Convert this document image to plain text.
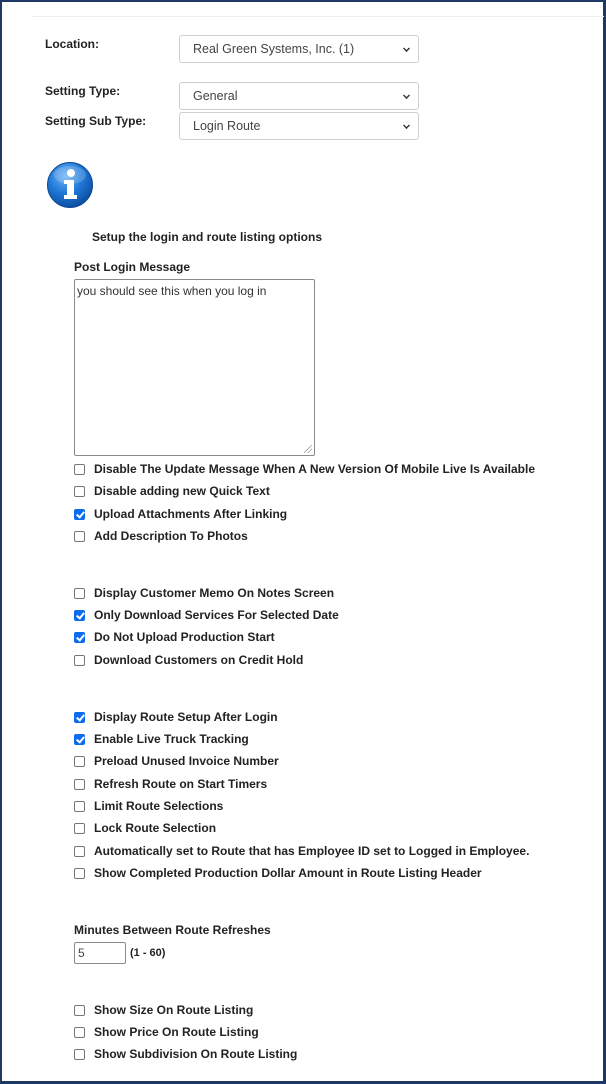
Location:	Real Green Systems, Inc. (1)
Setting Type:	General
Setting Sub Type:	Login Route
Setup the login and route listing options
Post Login Message
you should see this when you log in
Disable The Update Message When A New Version Of Mobile Live Is Available
Disable adding new Quick Text
Upload Attachments After Linking
Add Description To Photos
Display Customer Memo On Notes Screen
Only Download Services For Selected Date
Do Not Upload Production Start
Download Customers on Credit Hold
Display Route Setup After Login
Enable Live Truck Tracking
Preload Unused Invoice Number
Refresh Route on Start Timers
Limit Route Selections
Lock Route Selection
Automatically set to Route that has Employee ID set to Logged in Employee.
Show Completed Production Dollar Amount in Route Listing Header
Minutes Between Route Refreshes
5	(1 - 60)
Show Size On Route Listing
Show Price On Route Listing
Show Subdivision On Route Listing
